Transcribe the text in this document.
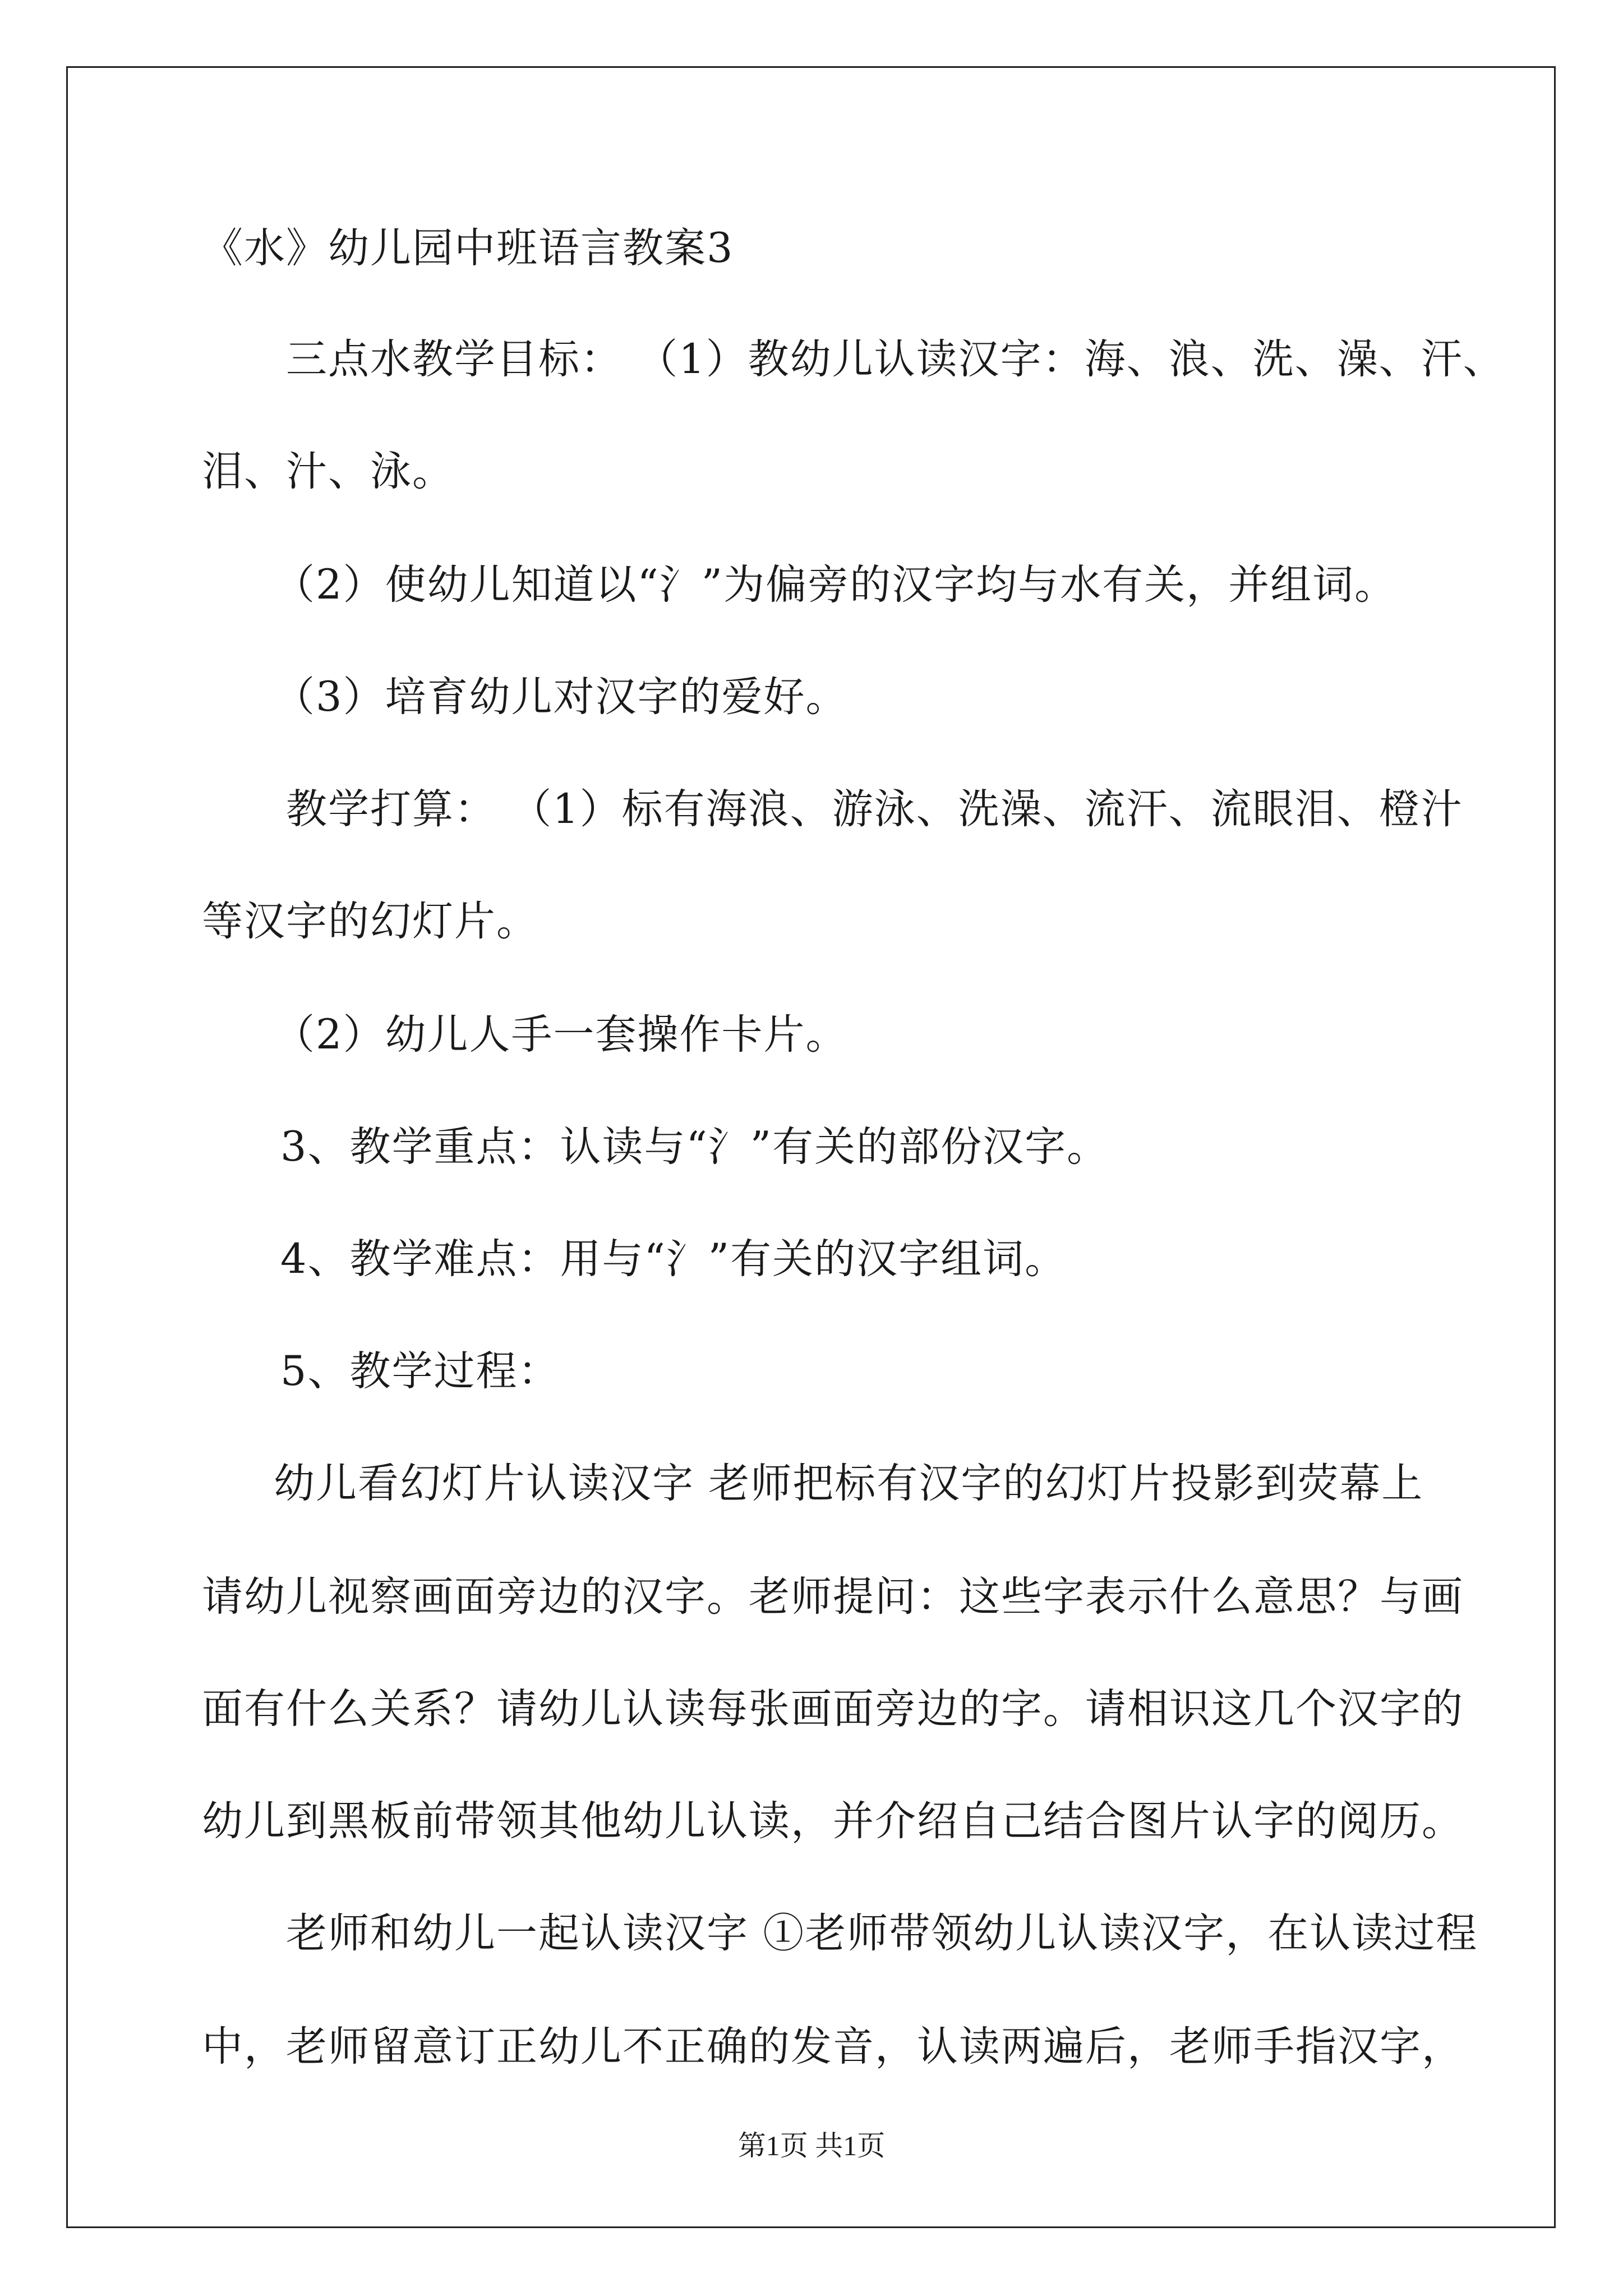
《水》幼儿园中班语言教案3
三点水教学目标： （1）教幼儿认读汉字：海、浪、洗、澡、汗、
泪、汁、泳。
（2）使幼儿知道以“氵”为偏旁的汉字均与水有关，并组词。
（3）培育幼儿对汉字的爱好。
教学打算： （1）标有海浪、游泳、洗澡、流汗、流眼泪、橙汁
等汉字的幻灯片。
（2）幼儿人手一套操作卡片。
3、教学重点：认读与“氵”有关的部份汉字。
4、教学难点：用与“氵”有关的汉字组词。
5、教学过程：
幼儿看幻灯片认读汉字 老师把标有汉字的幻灯片投影到荧幕上
请幼儿视察画面旁边的汉字。老师提问：这些字表示什么意思？与画
面有什么关系？请幼儿认读每张画面旁边的字。请相识这几个汉字的
幼儿到黑板前带领其他幼儿认读，并介绍自己结合图片认字的阅历。
老师和幼儿一起认读汉字 ①老师带领幼儿认读汉字，在认读过程
中，老师留意订正幼儿不正确的发音，认读两遍后，老师手指汉字，
第1页 共1页
